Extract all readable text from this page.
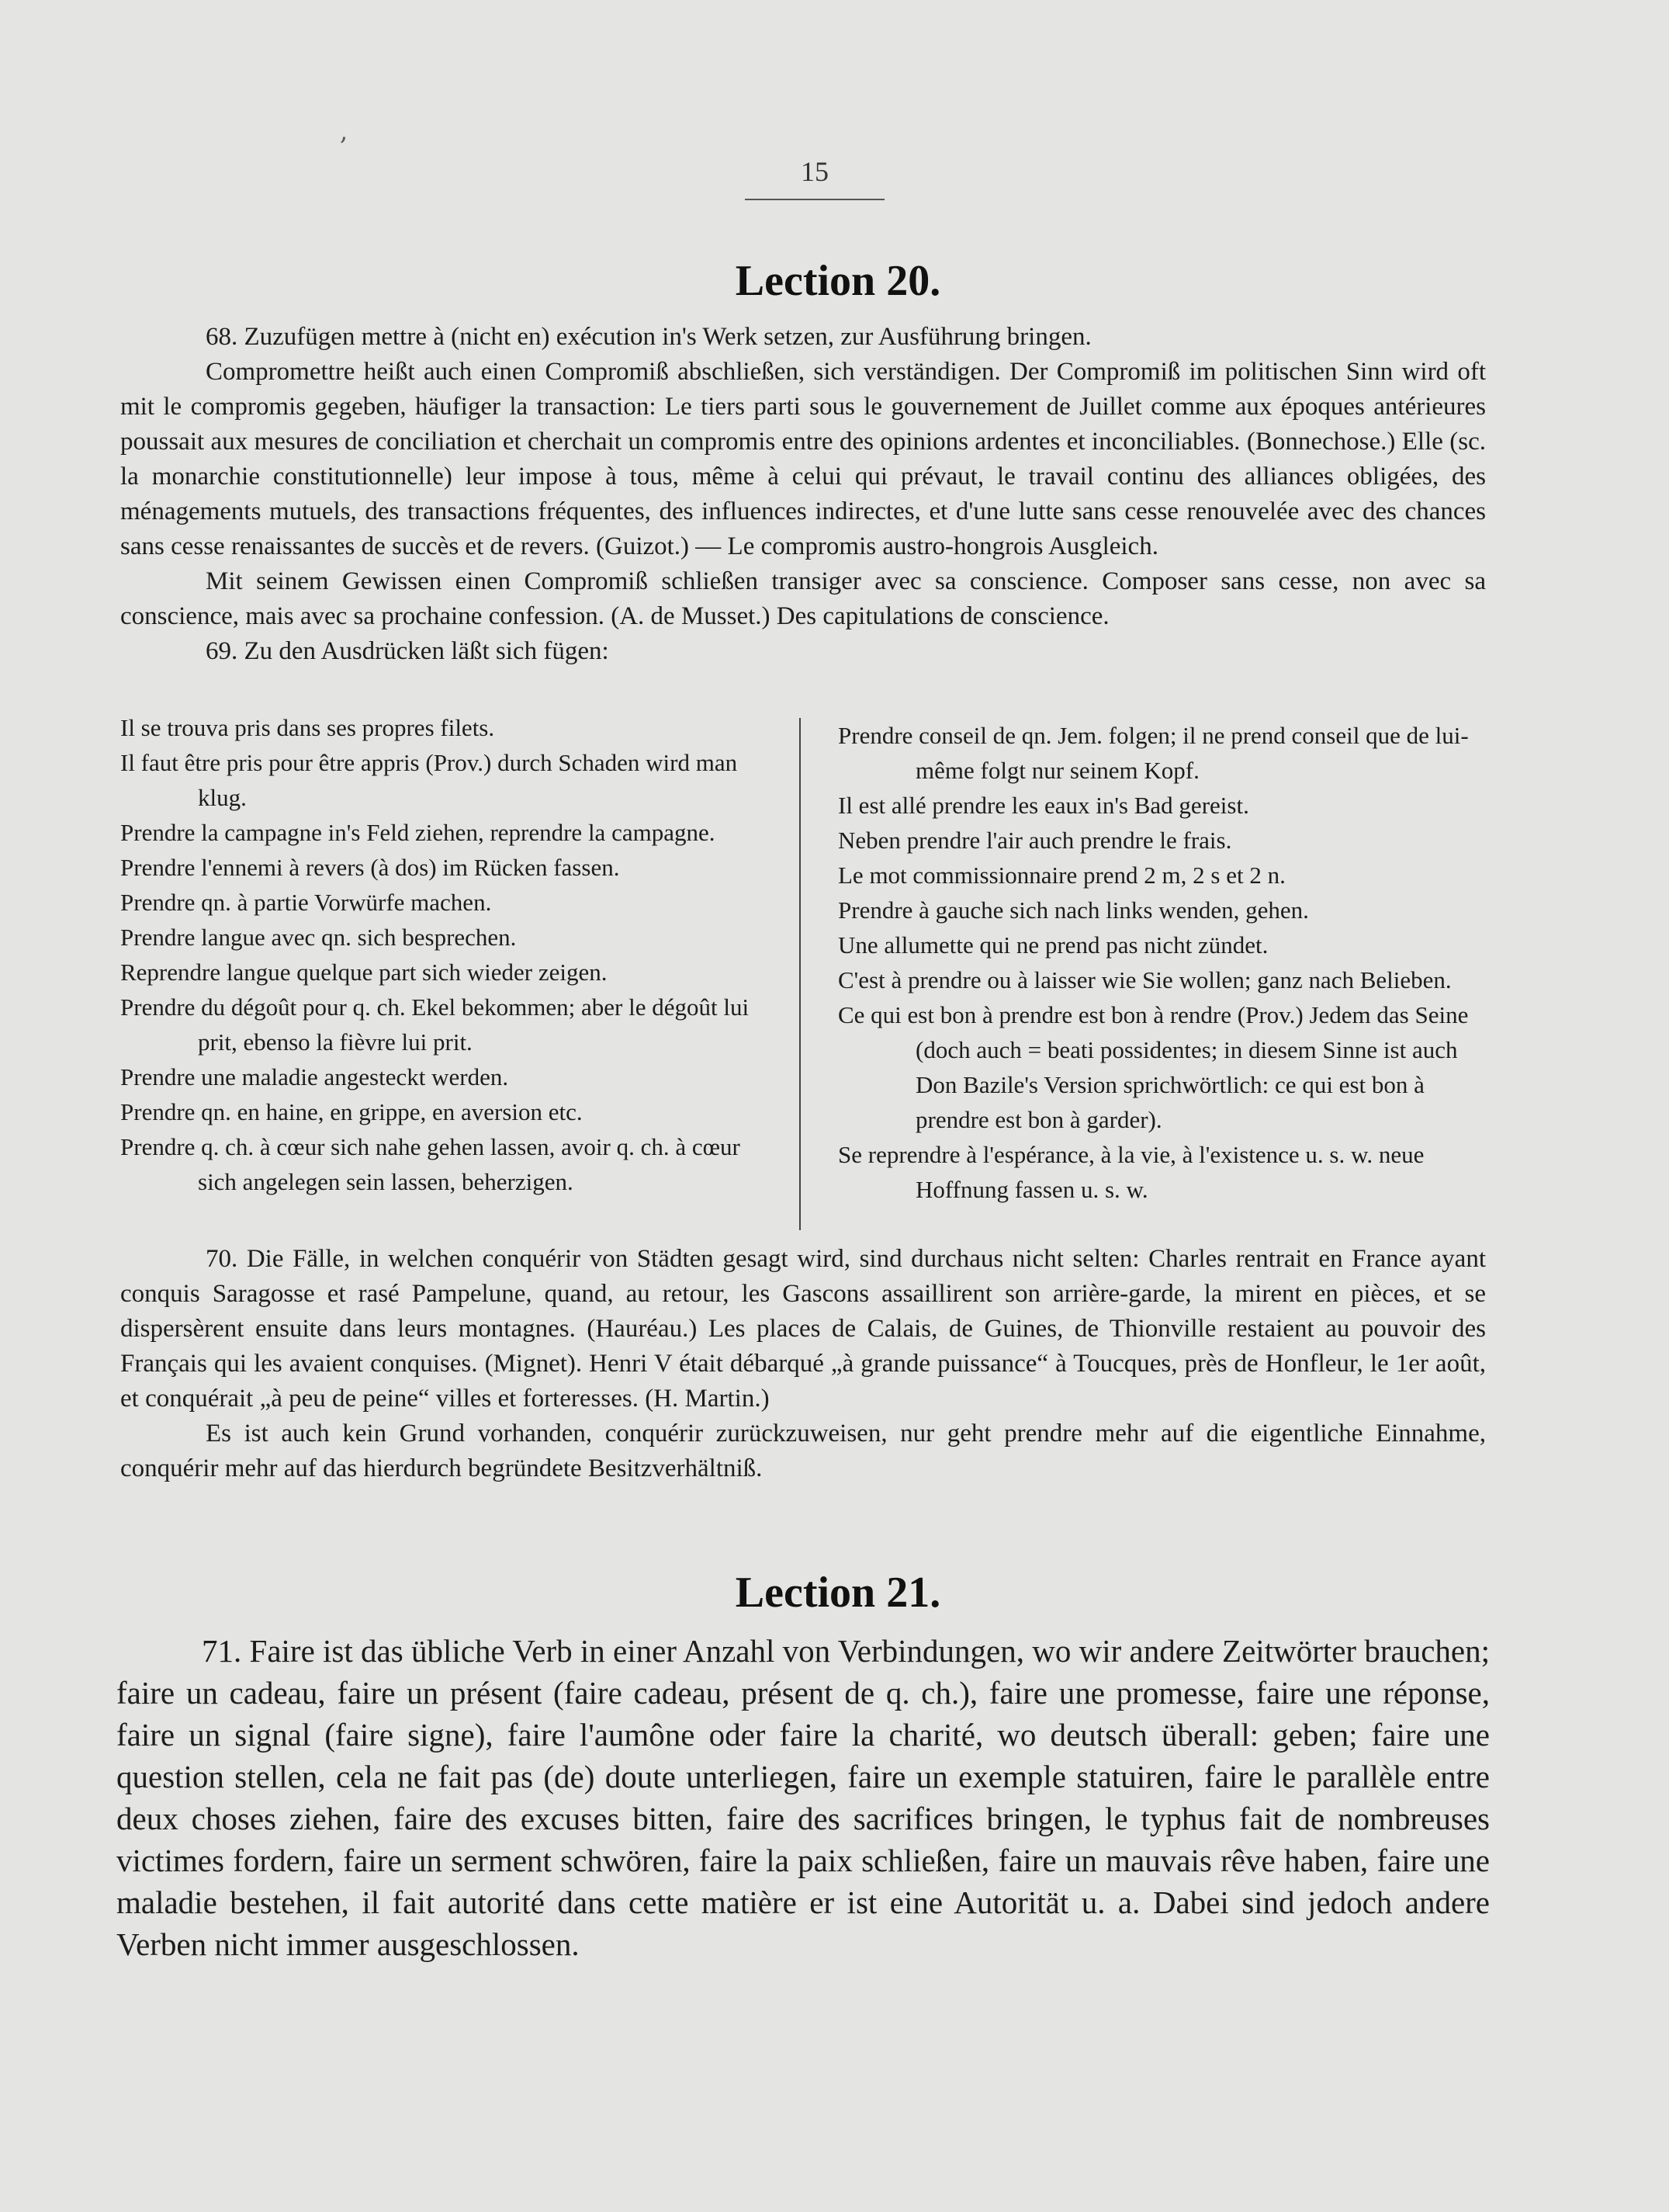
15
,
Lection 20.

68. Zuzufügen mettre à (nicht en) exécution in's Werk setzen, zur Ausführung bringen.

Compromettre heißt auch einen Compromiß abschließen, sich verständigen. Der Compromiß im politischen Sinn wird oft mit le compromis gegeben, häufiger la transaction: Le tiers parti sous le gouvernement de Juillet comme aux époques antérieures poussait aux mesures de conciliation et cherchait un compromis entre des opinions ardentes et inconciliables. (Bonnechose.) Elle (sc. la monarchie constitutionnelle) leur impose à tous, même à celui qui prévaut, le travail continu des alliances obligées, des ménagements mutuels, des transactions fréquentes, des influences indirectes, et d'une lutte sans cesse renouvelée avec des chances sans cesse renaissantes de succès et de revers. (Guizot.) — Le compromis austro-hongrois Ausgleich.

Mit seinem Gewissen einen Compromiß schließen transiger avec sa conscience. Composer sans cesse, non avec sa conscience, mais avec sa prochaine confession. (A. de Musset.) Des capitulations de conscience.

69. Zu den Ausdrücken läßt sich fügen:

Il se trouva pris dans ses propres filets.

Il faut être pris pour être appris (Prov.) durch Schaden wird man klug.

Prendre la campagne in's Feld ziehen, reprendre la campagne.

Prendre l'ennemi à revers (à dos) im Rücken fassen.

Prendre qn. à partie Vorwürfe machen.

Prendre langue avec qn. sich besprechen.

Reprendre langue quelque part sich wieder zeigen.

Prendre du dégoût pour q. ch. Ekel bekommen; aber le dégoût lui prit, ebenso la fièvre lui prit.

Prendre une maladie angesteckt werden.

Prendre qn. en haine, en grippe, en aversion etc.

Prendre q. ch. à cœur sich nahe gehen lassen, avoir q. ch. à cœur sich angelegen sein lassen, beherzigen.

Prendre conseil de qn. Jem. folgen; il ne prend conseil que de lui-même folgt nur seinem Kopf.

Il est allé prendre les eaux in's Bad gereist.

Neben prendre l'air auch prendre le frais.

Le mot commissionnaire prend 2 m, 2 s et 2 n.

Prendre à gauche sich nach links wenden, gehen.

Une allumette qui ne prend pas nicht zündet.

C'est à prendre ou à laisser wie Sie wollen; ganz nach Belieben.

Ce qui est bon à prendre est bon à rendre (Prov.) Jedem das Seine (doch auch = beati possidentes; in diesem Sinne ist auch Don Bazile's Version sprichwörtlich: ce qui est bon à prendre est bon à garder).

Se reprendre à l'espérance, à la vie, à l'existence u. s. w. neue Hoffnung fassen u. s. w.

70. Die Fälle, in welchen conquérir von Städten gesagt wird, sind durchaus nicht selten: Charles rentrait en France ayant conquis Saragosse et rasé Pampelune, quand, au retour, les Gascons assaillirent son arrière-garde, la mirent en pièces, et se dispersèrent ensuite dans leurs montagnes. (Hauréau.) Les places de Calais, de Guines, de Thionville restaient au pouvoir des Français qui les avaient conquises. (Mignet). Henri V était débarqué „à grande puissance“ à Toucques, près de Honfleur, le 1er août, et conquérait „à peu de peine“ villes et forteresses. (H. Martin.)

Es ist auch kein Grund vorhanden, conquérir zurückzuweisen, nur geht prendre mehr auf die eigentliche Einnahme, conquérir mehr auf das hierdurch begründete Besitzverhältniß.

Lection 21.

71. Faire ist das übliche Verb in einer Anzahl von Verbindungen, wo wir andere Zeitwörter brauchen; faire un cadeau, faire un présent (faire cadeau, présent de q. ch.), faire une promesse, faire une réponse, faire un signal (faire signe), faire l'aumône oder faire la charité, wo deutsch überall: geben; faire une question stellen, cela ne fait pas (de) doute unterliegen, faire un exemple statuiren, faire le parallèle entre deux choses ziehen, faire des excuses bitten, faire des sacrifices bringen, le typhus fait de nombreuses victimes fordern, faire un serment schwören, faire la paix schließen, faire un mauvais rêve haben, faire une maladie bestehen, il fait autorité dans cette matière er ist eine Autorität u. a. Dabei sind jedoch andere Verben nicht immer ausgeschlossen.
